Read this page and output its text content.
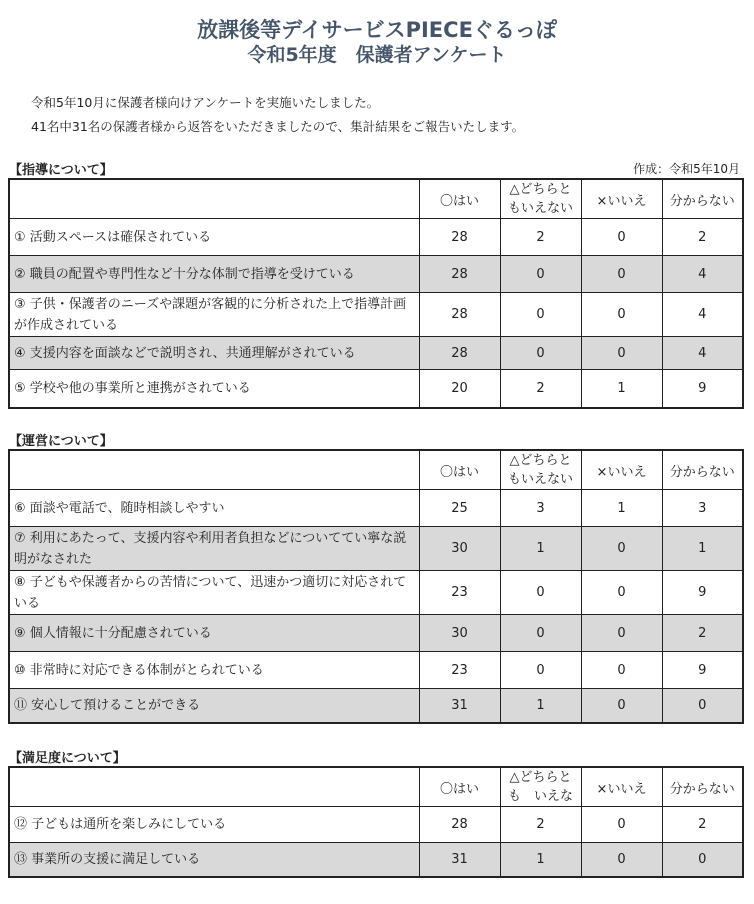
放課後等デイサービスPIECEぐるっぽ
令和5年度　保護者アンケート
令和5年10月に保護者様向けアンケートを実施いたしました。
41名中31名の保護者様から返答をいただきましたので、集計結果をご報告いたします。
【指導について】	作成：令和5年10月
	〇はい	△どちらともいえない	×いいえ	分からない
① 活動スペースは確保されている	28	2	0	2
② 職員の配置や専門性など十分な体制で指導を受けている	28	0	0	4
③ 子供・保護者のニーズや課題が客観的に分析された上で指導計画が作成されている	28	0	0	4
④ 支援内容を面談などで説明され、共通理解がされている	28	0	0	4
⑤ 学校や他の事業所と連携がされている	20	2	1	9
【運営について】
	〇はい	△どちらともいえない	×いいえ	分からない
⑥ 面談や電話で、随時相談しやすい	25	3	1	3
⑦ 利用にあたって、支援内容や利用者負担などについててい寧な説明がなされた	30	1	0	1
⑧ 子どもや保護者からの苦情について、迅速かつ適切に対応されている	23	0	0	9
⑨ 個人情報に十分配慮されている	30	0	0	2
⑩ 非常時に対応できる体制がとられている	23	0	0	9
⑪ 安心して預けることができる	31	1	0	0
【満足度について】
	〇はい	△どちらとも　いえな	×いいえ	分からない
⑫ 子どもは通所を楽しみにしている	28	2	0	2
⑬ 事業所の支援に満足している	31	1	0	0
